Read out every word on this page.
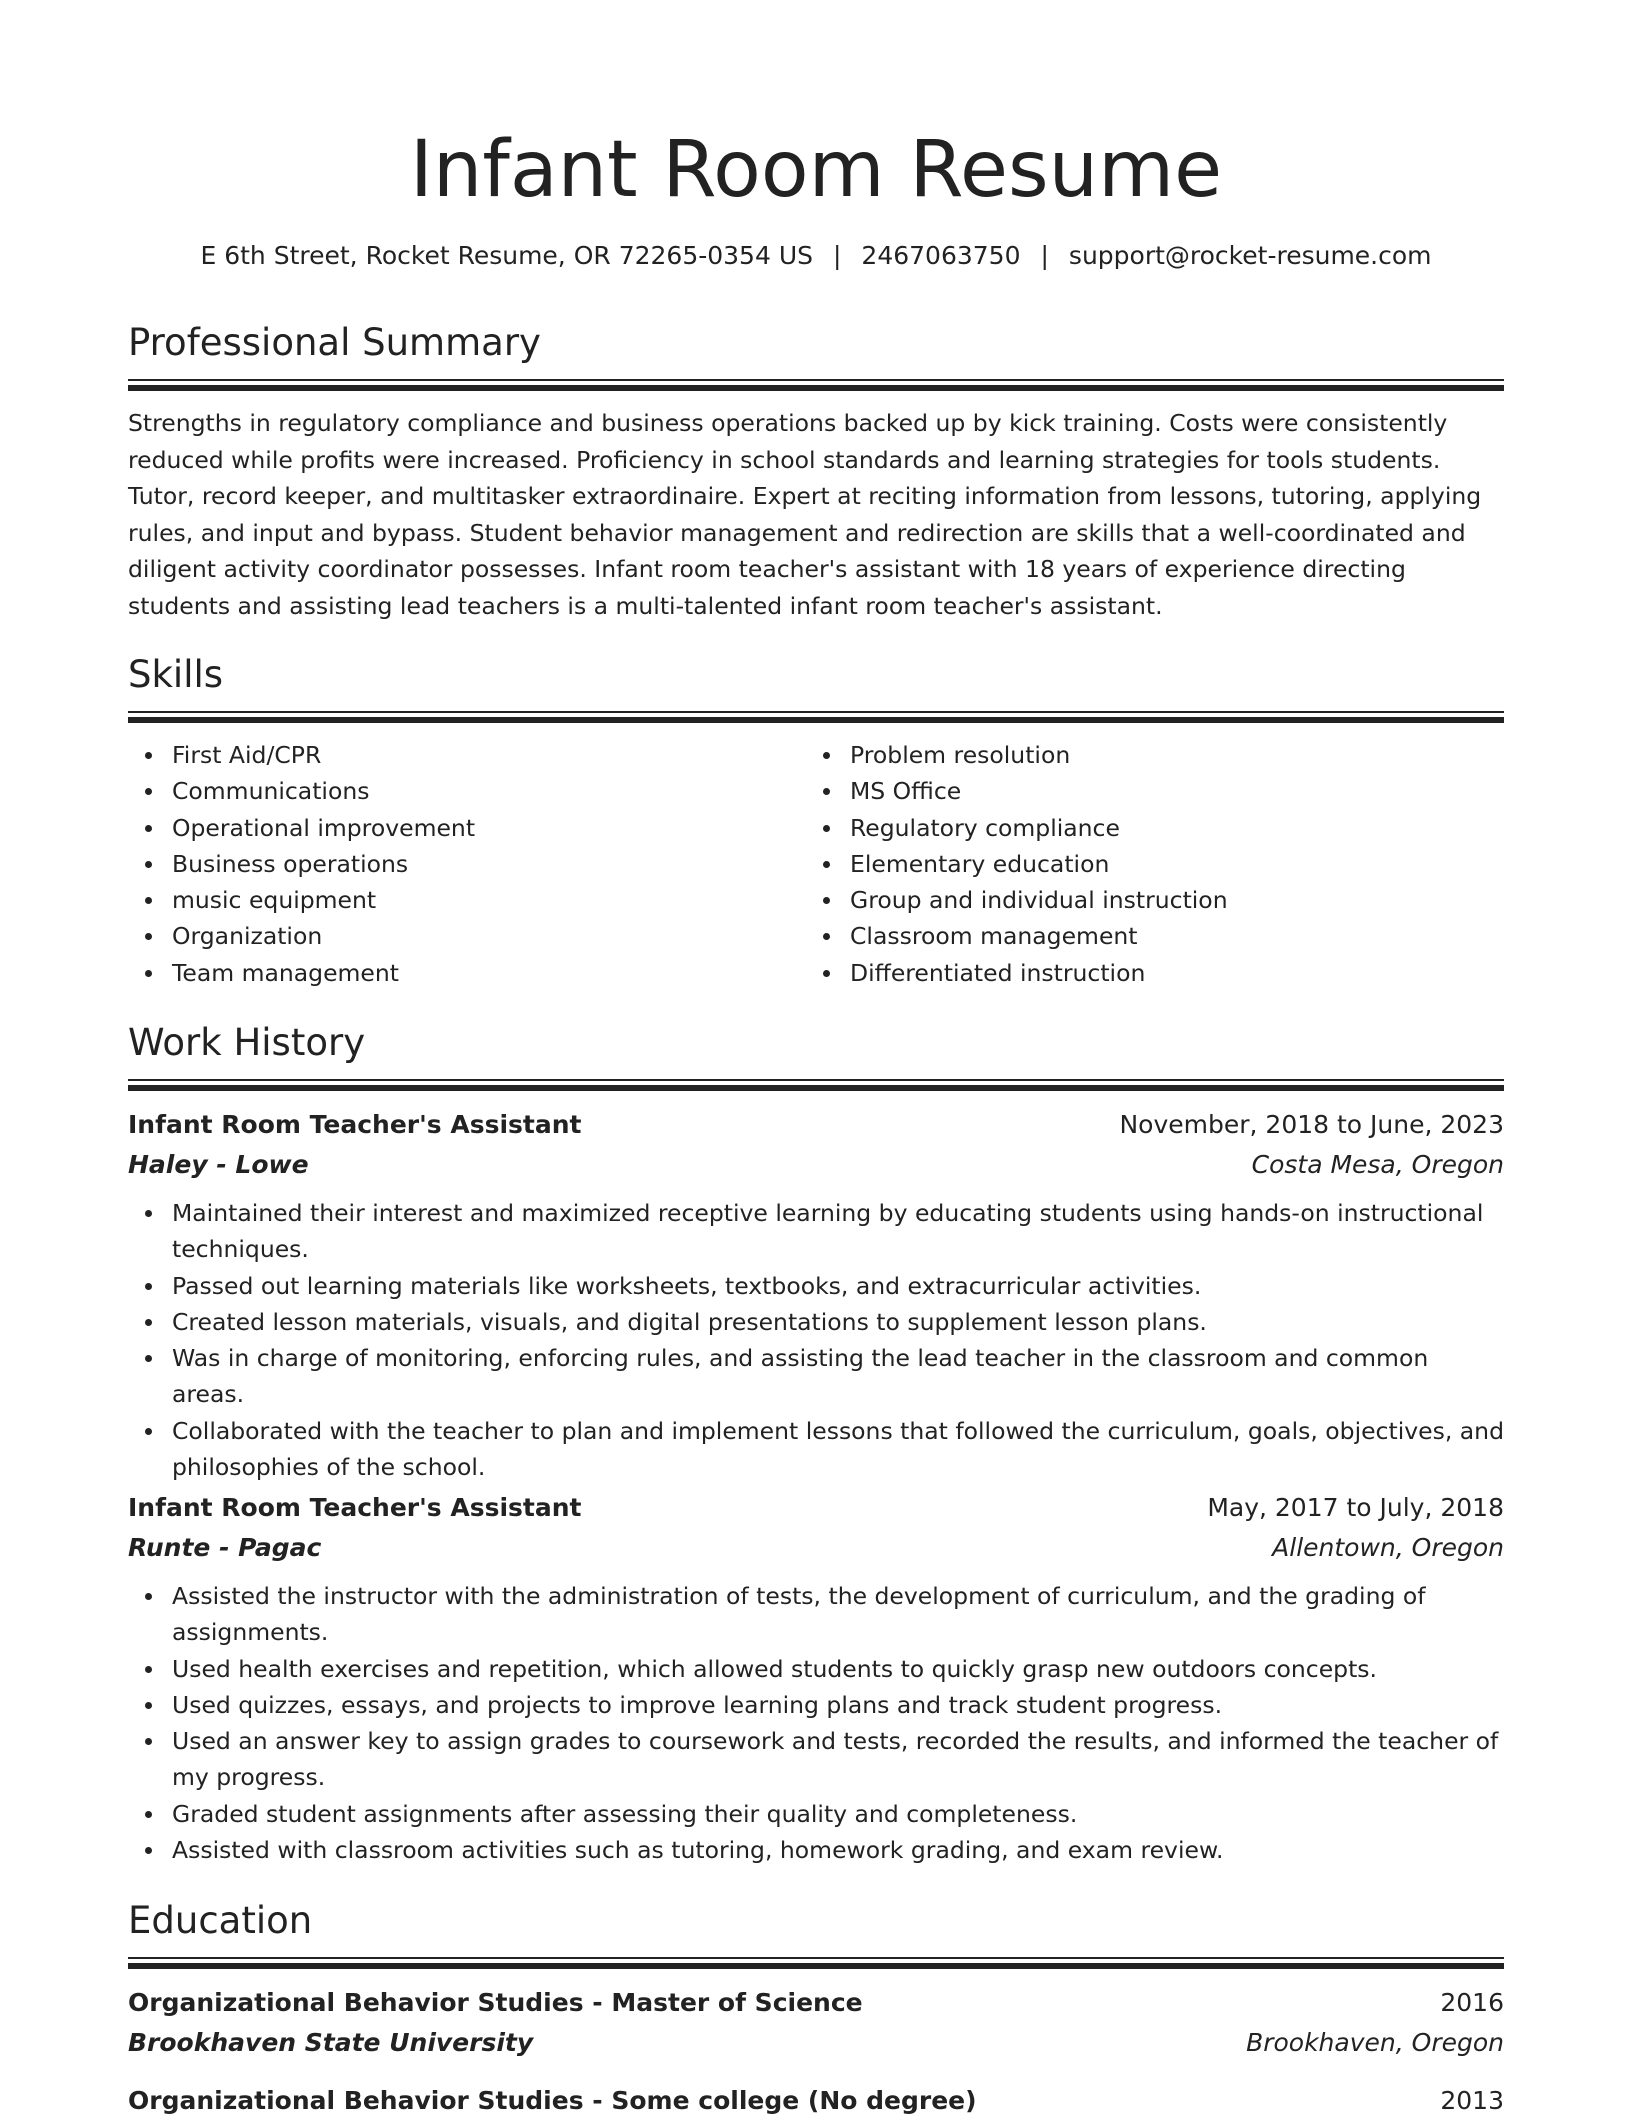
Infant Room Resume
E 6th Street, Rocket Resume, OR 72265-0354 US | 2467063750 | support@rocket-resume.com
Professional Summary

Strengths in regulatory compliance and business operations backed up by kick training. Costs were consistently reduced while profits were increased. Proficiency in school standards and learning strategies for tools students. Tutor, record keeper, and multitasker extraordinaire. Expert at reciting information from lessons, tutoring, applying rules, and input and bypass. Student behavior management and redirection are skills that a well-coordinated and diligent activity coordinator possesses. Infant room teacher's assistant with 18 years of experience directing students and assisting lead teachers is a multi-talented infant room teacher's assistant.

Skills
First Aid/CPR
Communications
Operational improvement
Business operations
music equipment
Organization
Team management
Problem resolution
MS Office
Regulatory compliance
Elementary education
Group and individual instruction
Classroom management
Differentiated instruction
Work History
Infant Room Teacher's Assistant	November, 2018 to June, 2023
Haley - Lowe	Costa Mesa, Oregon
Maintained their interest and maximized receptive learning by educating students using hands-on instructional techniques.
Passed out learning materials like worksheets, textbooks, and extracurricular activities.
Created lesson materials, visuals, and digital presentations to supplement lesson plans.
Was in charge of monitoring, enforcing rules, and assisting the lead teacher in the classroom and common areas.
Collaborated with the teacher to plan and implement lessons that followed the curriculum, goals, objectives, and philosophies of the school.
Infant Room Teacher's Assistant	May, 2017 to July, 2018
Runte - Pagac	Allentown, Oregon
Assisted the instructor with the administration of tests, the development of curriculum, and the grading of assignments.
Used health exercises and repetition, which allowed students to quickly grasp new outdoors concepts.
Used quizzes, essays, and projects to improve learning plans and track student progress.
Used an answer key to assign grades to coursework and tests, recorded the results, and informed the teacher of my progress.
Graded student assignments after assessing their quality and completeness.
Assisted with classroom activities such as tutoring, homework grading, and exam review.
Education
Organizational Behavior Studies - Master of Science	2016
Brookhaven State University	Brookhaven, Oregon
Organizational Behavior Studies - Some college (No degree)	2013
